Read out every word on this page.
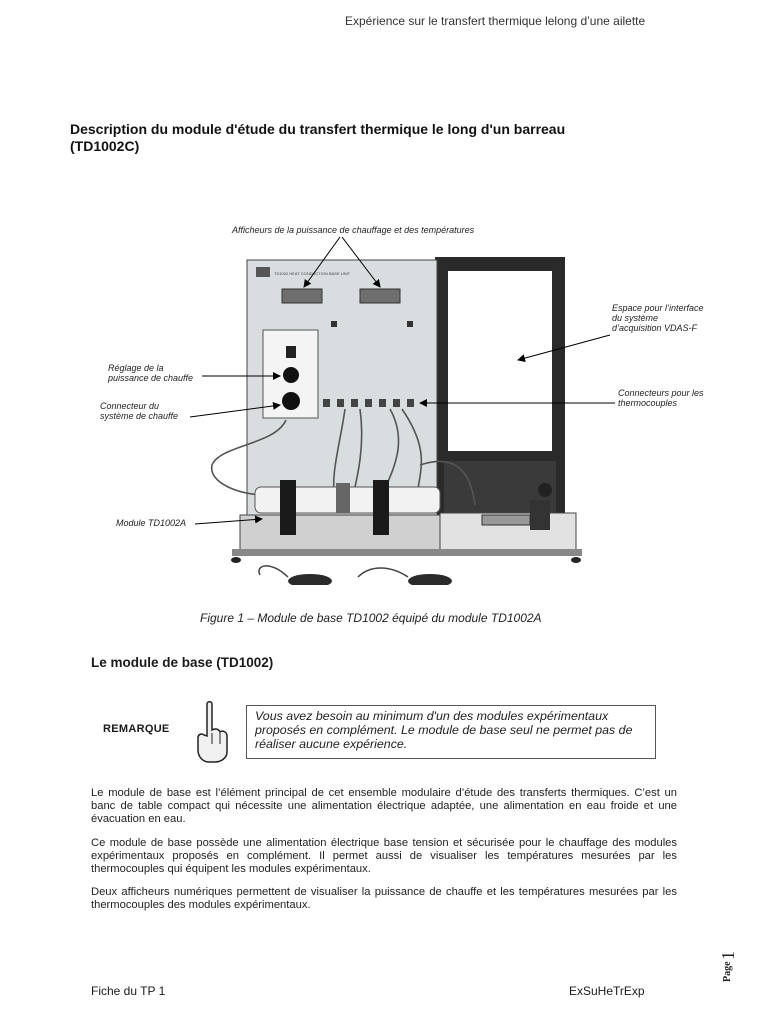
Expérience sur le transfert thermique lelong d’une ailette
Description du module d'étude du transfert thermique le long d'un barreau (TD1002C)
TD1002 HEAT CONDUCTION BASE UNIT
Afficheurs de la puissance de chauffage et des températures
Espace pour l’interface
du système
d’acquisition VDAS-F
Réglage de la
puissance de chauffe
Connecteur du
système de chauffe
Connecteurs pour les
thermocouples
Module TD1002A
Figure 1 – Module de base TD1002 équipé du module TD1002A
Le module de base (TD1002)
REMARQUE
Vous avez besoin au minimum d'un des modules expérimentaux proposés en complément. Le module de base seul ne permet pas de réaliser aucune expérience.
Le module de base est l’élément principal de cet ensemble modulaire d’étude des transferts thermiques. C’est un banc de table compact qui nécessite une alimentation électrique adaptée, une alimentation en eau froide et une évacuation en eau.
Ce module de base possède une alimentation électrique base tension et sécurisée pour le chauffage des modules expérimentaux proposés en complément. Il permet aussi de visualiser les températures mesurées par les thermocouples qui équipent les modules expérimentaux.
Deux afficheurs numériques permettent de visualiser la puissance de chauffe et les températures mesurées par les thermocouples des modules expérimentaux.
Page
1
Fiche du TP 1	ExSuHeTrExp
